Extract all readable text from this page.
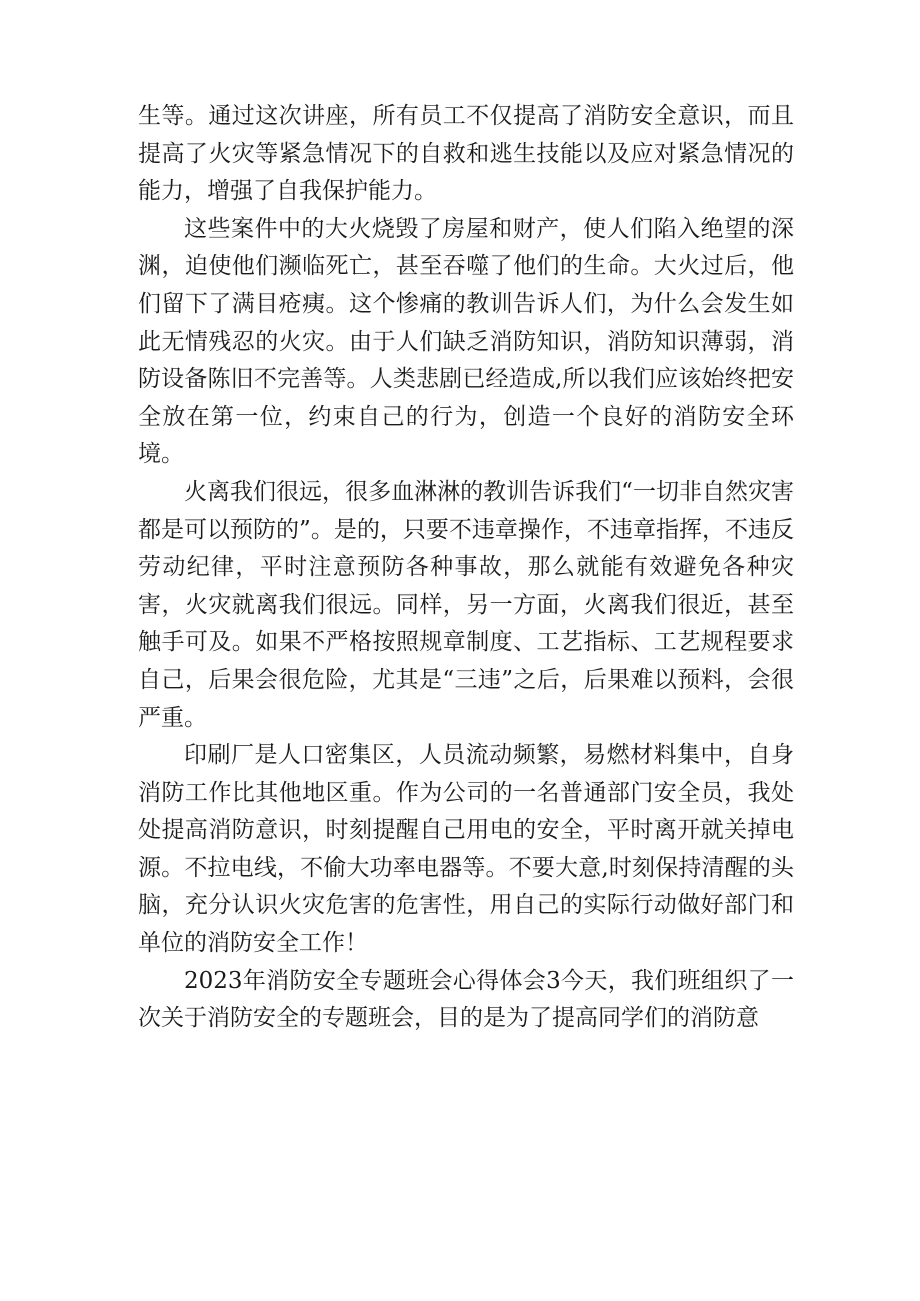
生等。通过这次讲座，所有员工不仅提高了消防安全意识，而且提高了火灾等紧急情况下的自救和逃生技能以及应对紧急情况的能力，增强了自我保护能力。

这些案件中的大火烧毁了房屋和财产，使人们陷入绝望的深渊，迫使他们濒临死亡，甚至吞噬了他们的生命。大火过后，他们留下了满目疮痍。这个惨痛的教训告诉人们，为什么会发生如此无情残忍的火灾。由于人们缺乏消防知识，消防知识薄弱，消防设备陈旧不完善等。人类悲剧已经造成,所以我们应该始终把安全放在第一位，约束自己的行为，创造一个良好的消防安全环境。

火离我们很远，很多血淋淋的教训告诉我们“一切非自然灾害都是可以预防的”。是的，只要不违章操作，不违章指挥，不违反劳动纪律，平时注意预防各种事故，那么就能有效避免各种灾害，火灾就离我们很远。同样，另一方面，火离我们很近，甚至触手可及。如果不严格按照规章制度、工艺指标、工艺规程要求自己，后果会很危险，尤其是“三违”之后，后果难以预料，会很严重。

印刷厂是人口密集区，人员流动频繁，易燃材料集中，自身消防工作比其他地区重。作为公司的一名普通部门安全员，我处处提高消防意识，时刻提醒自己用电的安全，平时离开就关掉电源。不拉电线，不偷大功率电器等。不要大意,时刻保持清醒的头脑，充分认识火灾危害的危害性，用自己的实际行动做好部门和单位的消防安全工作！

2023年消防安全专题班会心得体会3今天，我们班组织了一次关于消防安全的专题班会，目的是为了提高同学们的消防意
